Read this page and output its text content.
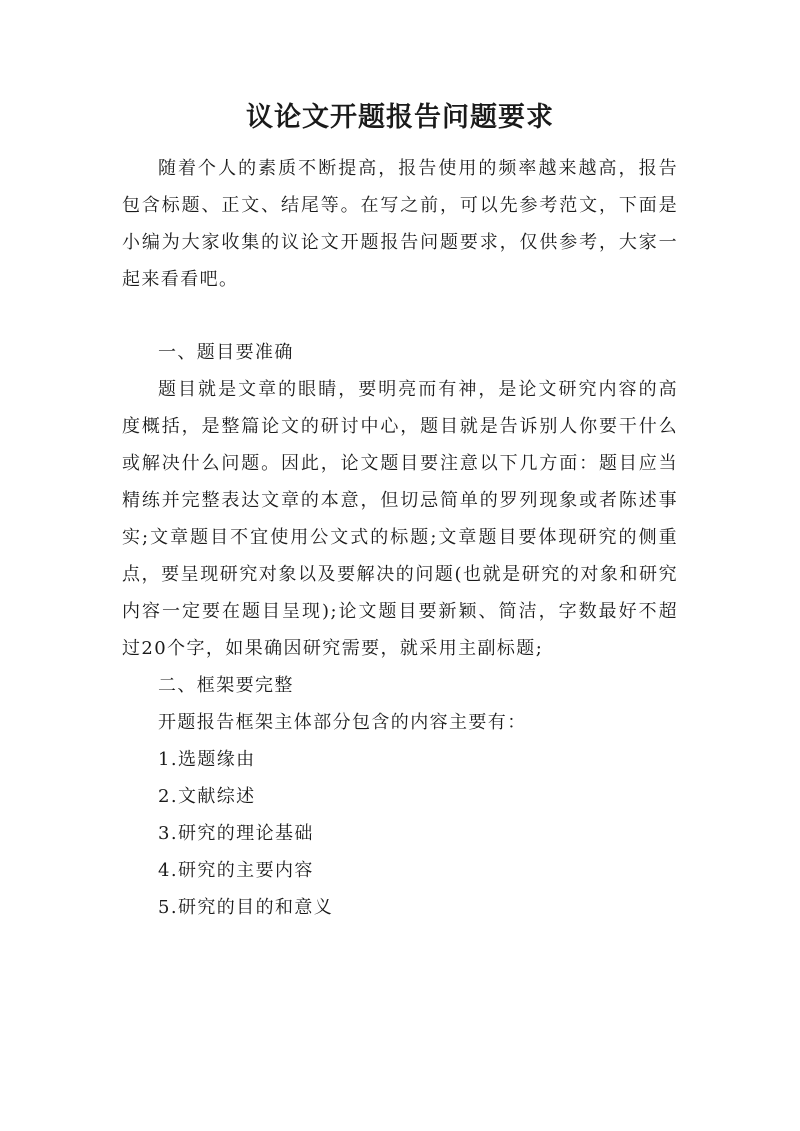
议论文开题报告问题要求

随着个人的素质不断提高，报告使用的频率越来越高，报告包含标题、正文、结尾等。在写之前，可以先参考范文，下面是小编为大家收集的议论文开题报告问题要求，仅供参考，大家一起来看看吧。

一、题目要准确

题目就是文章的眼睛，要明亮而有神，是论文研究内容的高度概括，是整篇论文的研讨中心，题目就是告诉别人你要干什么或解决什么问题。因此，论文题目要注意以下几方面：题目应当精练并完整表达文章的本意，但切忌简单的罗列现象或者陈述事实;文章题目不宜使用公文式的标题;文章题目要体现研究的侧重点，要呈现研究对象以及要解决的问题(也就是研究的对象和研究内容一定要在题目呈现);论文题目要新颖、简洁，字数最好不超过20个字，如果确因研究需要，就采用主副标题;

二、框架要完整

开题报告框架主体部分包含的内容主要有：

1.选题缘由

2.文献综述

3.研究的理论基础

4.研究的主要内容

5.研究的目的和意义
